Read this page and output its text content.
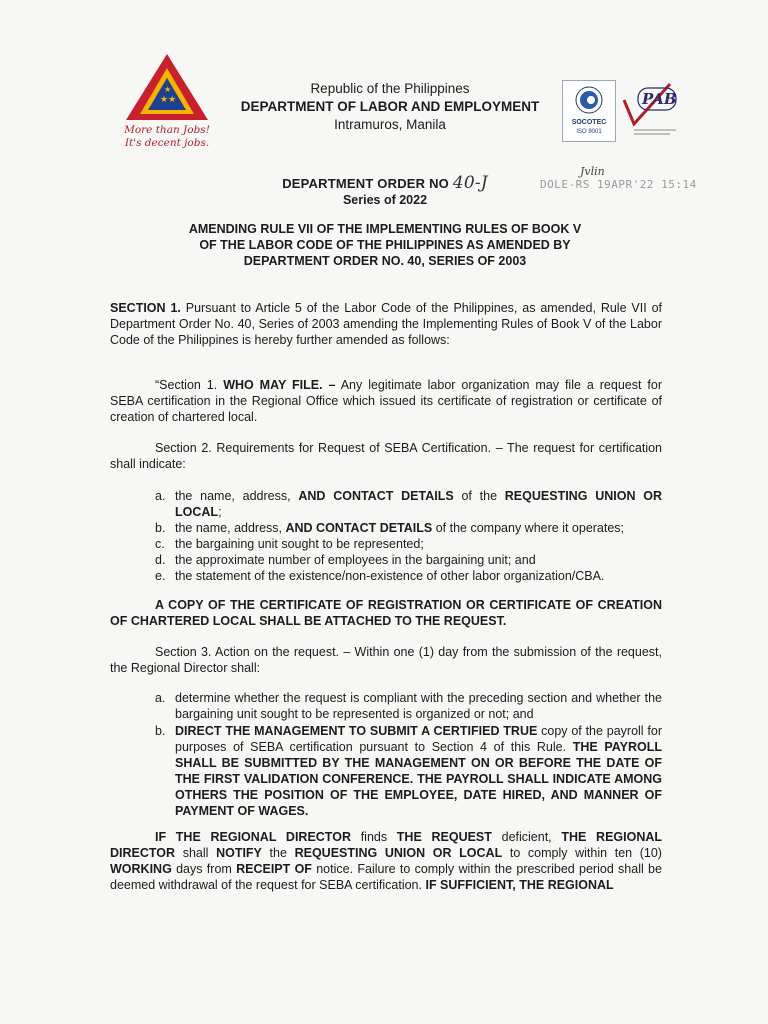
★★
★
More than Jobs!
It's decent jobs.
Republic of the Philippines
DEPARTMENT OF LABOR AND EMPLOYMENT
Intramuros, Manila	SOCOTEC
ISO 9001
PAB
DEPARTMENT ORDER NO 40-J
Series of 2022
Jvlin
DOLE-RS 19APR'22 15:14
AMENDING RULE VII OF THE IMPLEMENTING RULES OF BOOK V
OF THE LABOR CODE OF THE PHILIPPINES AS AMENDED BY
DEPARTMENT ORDER NO. 40, SERIES OF 2003
SECTION 1. Pursuant to Article 5 of the Labor Code of the Philippines, as amended, Rule VII of Department Order No. 40, Series of 2003 amending the Implementing Rules of Book V of the Labor Code of the Philippines is hereby further amended as follows:
“Section 1. WHO MAY FILE. – Any legitimate labor organization may file a request for SEBA certification in the Regional Office which issued its certificate of registration or certificate of creation of chartered local.
Section 2. Requirements for Request of SEBA Certification. – The request for certification shall indicate:
a. the name, address, AND CONTACT DETAILS of the REQUESTING UNION OR LOCAL;
b. the name, address, AND CONTACT DETAILS of the company where it operates;
c. the bargaining unit sought to be represented;
d. the approximate number of employees in the bargaining unit; and
e. the statement of the existence/non-existence of other labor organization/CBA.
A COPY OF THE CERTIFICATE OF REGISTRATION OR CERTIFICATE OF CREATION OF CHARTERED LOCAL SHALL BE ATTACHED TO THE REQUEST.
Section 3. Action on the request. – Within one (1) day from the submission of the request, the Regional Director shall:
a. determine whether the request is compliant with the preceding section and whether the bargaining unit sought to be represented is organized or not; and
b. DIRECT THE MANAGEMENT TO SUBMIT A CERTIFIED TRUE copy of the payroll for purposes of SEBA certification pursuant to Section 4 of this Rule. THE PAYROLL SHALL BE SUBMITTED BY THE MANAGEMENT ON OR BEFORE THE DATE OF THE FIRST VALIDATION CONFERENCE. THE PAYROLL SHALL INDICATE AMONG OTHERS THE POSITION OF THE EMPLOYEE, DATE HIRED, AND MANNER OF PAYMENT OF WAGES.
IF THE REGIONAL DIRECTOR finds THE REQUEST deficient, THE REGIONAL DIRECTOR shall NOTIFY the REQUESTING UNION OR LOCAL to comply within ten (10) WORKING days from RECEIPT OF notice. Failure to comply within the prescribed period shall be deemed withdrawal of the request for SEBA certification. IF SUFFICIENT, THE REGIONAL
